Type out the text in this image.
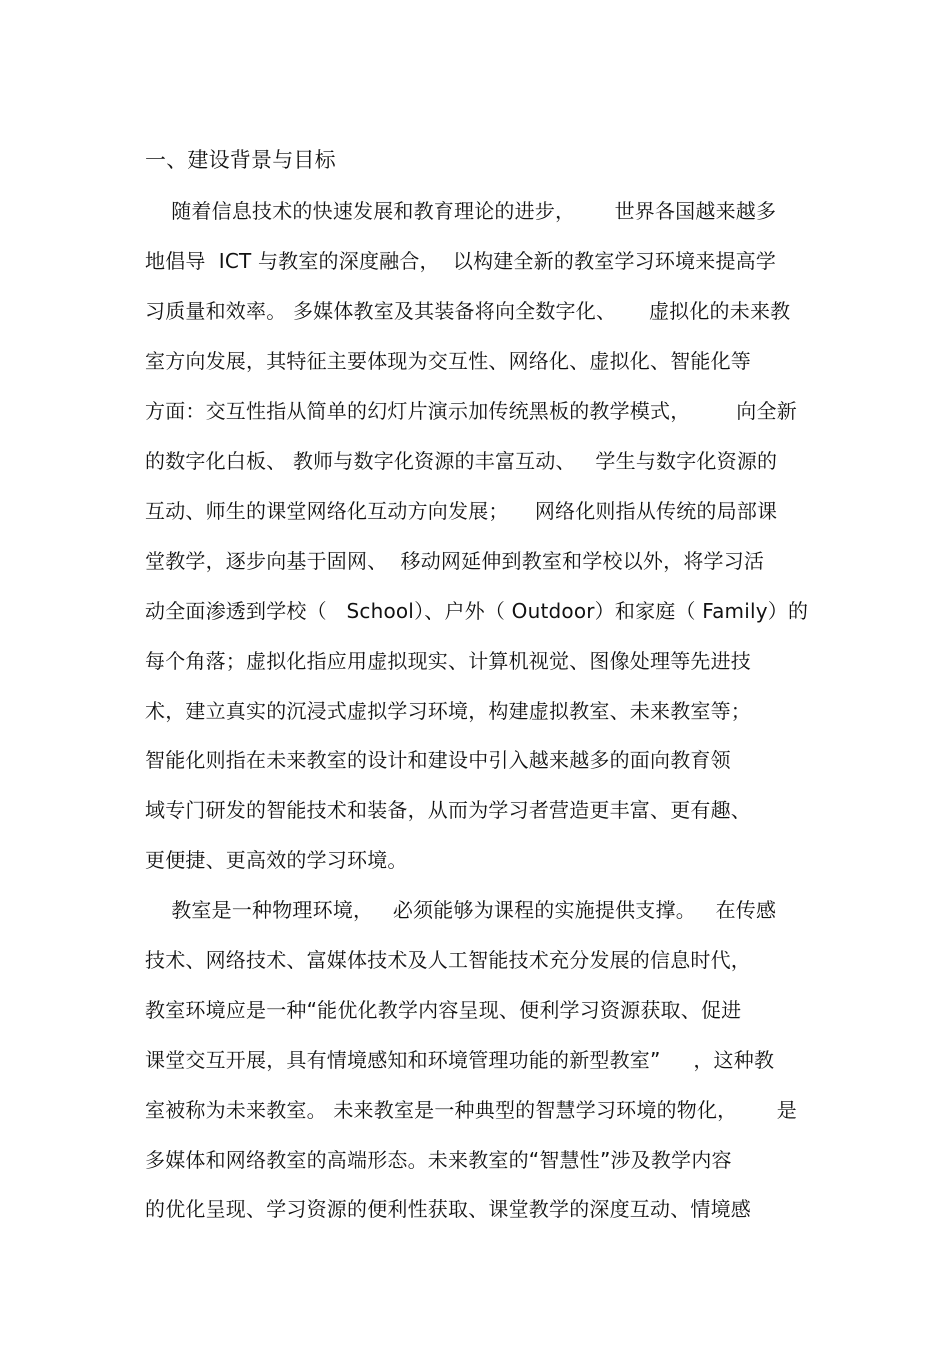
一、建设背景与目标
随着信息技术的快速发展和教育理论的进步，      世界各国越来越多
地倡导  ICT 与教室的深度融合，  以构建全新的教室学习环境来提高学
习质量和效率。 多媒体教室及其装备将向全数字化、     虚拟化的未来教
室方向发展，其特征主要体现为交互性、网络化、虚拟化、智能化等
方面：交互性指从简单的幻灯片演示加传统黑板的教学模式，       向全新
的数字化白板、 教师与数字化资源的丰富互动、   学生与数字化资源的
互动、师生的课堂网络化互动方向发展；    网络化则指从传统的局部课
堂教学，逐步向基于固网、  移动网延伸到教室和学校以外，将学习活
动全面渗透到学校（   School）、户外（ Outdoor）和家庭（ Family）的
每个角落；虚拟化指应用虚拟现实、计算机视觉、图像处理等先进技
术，建立真实的沉浸式虚拟学习环境，构建虚拟教室、未来教室等；
智能化则指在未来教室的设计和建设中引入越来越多的面向教育领
域专门研发的智能技术和装备，从而为学习者营造更丰富、更有趣、
更便捷、更高效的学习环境。
教室是一种物理环境，   必须能够为课程的实施提供支撑。   在传感
技术、网络技术、富媒体技术及人工智能技术充分发展的信息时代，
教室环境应是一种“能优化教学内容呈现、便利学习资源获取、促进
课堂交互开展，具有情境感知和环境管理功能的新型教室”     ，这种教
室被称为未来教室。 未来教室是一种典型的智慧学习环境的物化，      是
多媒体和网络教室的高端形态。未来教室的“智慧性”涉及教学内容
的优化呈现、学习资源的便利性获取、课堂教学的深度互动、情境感
